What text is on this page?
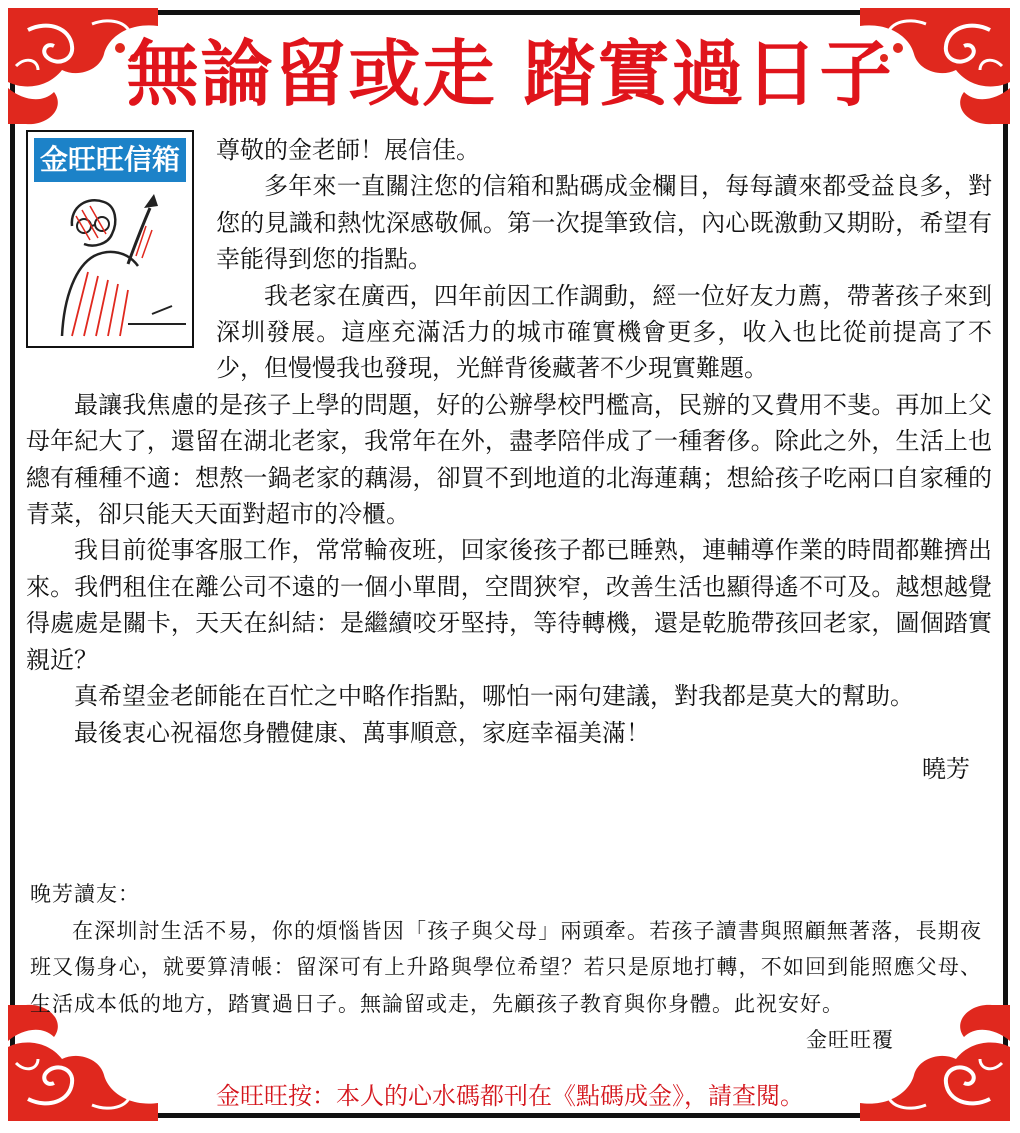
無論留或走 踏實過日子
金旺旺信箱	尊敬的金老師！展信佳。

多年來一直關注您的信箱和點碼成金欄目，每每讀來都受益良多，對您的見識和熱忱深感敬佩。第一次提筆致信，內心既激動又期盼，希望有幸能得到您的指點。

我老家在廣西，四年前因工作調動，經一位好友力薦，帶著孩子來到深圳發展。這座充滿活力的城市確實機會更多，收入也比從前提高了不少，但慢慢我也發現，光鮮背後藏著不少現實難題。

最讓我焦慮的是孩子上學的問題，好的公辦學校門檻高，民辦的又費用不斐。再加上父母年紀大了，還留在湖北老家，我常年在外，盡孝陪伴成了一種奢侈。除此之外，生活上也總有種種不適：想熬一鍋老家的藕湯，卻買不到地道的北海蓮藕；想給孩子吃兩口自家種的青菜，卻只能天天面對超市的冷櫃。

我目前從事客服工作，常常輪夜班，回家後孩子都已睡熟，連輔導作業的時間都難擠出來。我們租住在離公司不遠的一個小單間，空間狹窄，改善生活也顯得遙不可及。越想越覺得處處是關卡，天天在糾結：是繼續咬牙堅持，等待轉機，還是乾脆帶孩回老家，圖個踏實親近？

真希望金老師能在百忙之中略作指點，哪怕一兩句建議，對我都是莫大的幫助。

最後衷心祝福您身體健康、萬事順意，家庭幸福美滿！

曉芳

晚芳讀友：

在深圳討生活不易，你的煩惱皆因「孩子與父母」兩頭牽。若孩子讀書與照顧無著落，長期夜班又傷身心，就要算清帳：留深可有上升路與學位希望？若只是原地打轉，不如回到能照應父母、生活成本低的地方，踏實過日子。無論留或走，先顧孩子教育與你身體。此祝安好。

金旺旺覆

金旺旺按：本人的心水碼都刊在《點碼成金》，請查閱。
